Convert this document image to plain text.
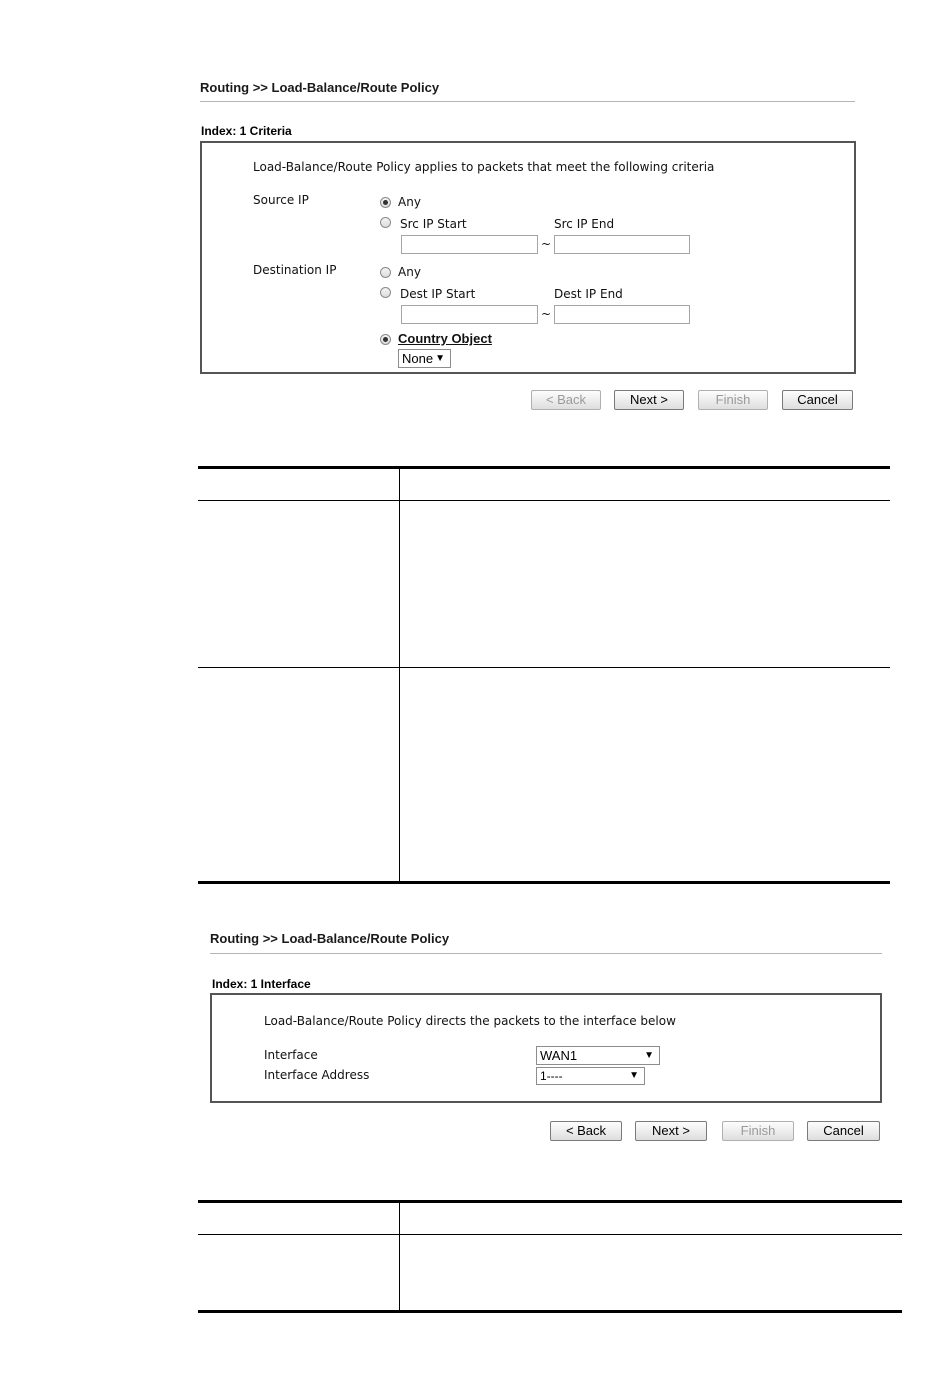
Routing >> Load-Balance/Route Policy
Index: 1 Criteria
Load-Balance/Route Policy applies to packets that meet the following criteria
Source IP	Any
Src IP Start	Src IP End
~
Destination IP	Any
Dest IP Start	Dest IP End
~
Country Object
None ▼
< Back	Next >	Finish	Cancel
Routing >> Load-Balance/Route Policy
Index: 1 Interface
Load-Balance/Route Policy directs the packets to the interface below
Interface	WAN1	▼
Interface Address	1----	▼
< Back	Next >	Finish	Cancel
